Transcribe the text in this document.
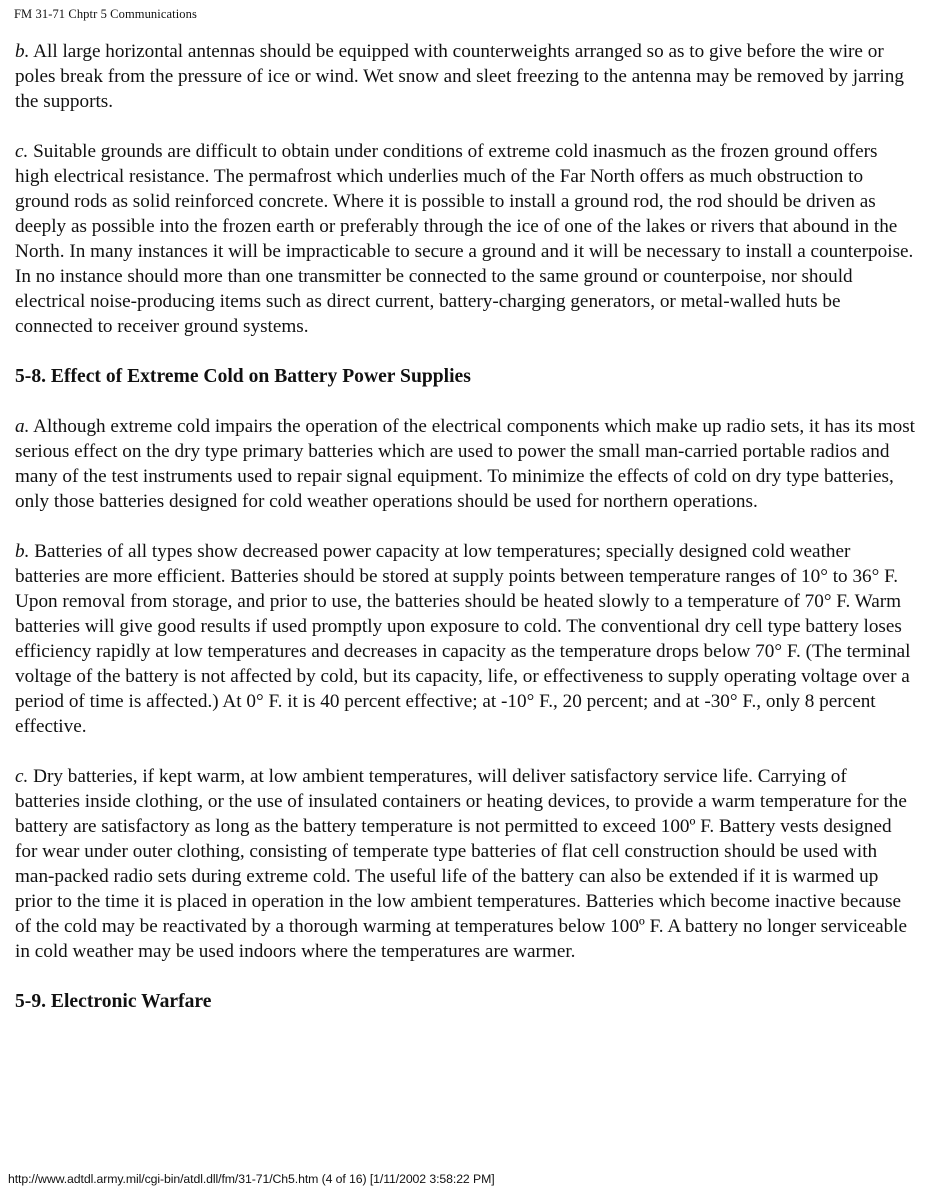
FM 31-71 Chptr 5 Communications

b. All large horizontal antennas should be equipped with counterweights arranged so as to give before the wire or poles break from the pressure of ice or wind. Wet snow and sleet freezing to the antenna may be removed by jarring the supports.

c. Suitable grounds are difficult to obtain under conditions of extreme cold inasmuch as the frozen ground offers high electrical resistance. The permafrost which underlies much of the Far North offers as much obstruction to ground rods as solid reinforced concrete. Where it is possible to install a ground rod, the rod should be driven as deeply as possible into the frozen earth or preferably through the ice of one of the lakes or rivers that abound in the North. In many instances it will be impracticable to secure a ground and it will be necessary to install a counterpoise. In no instance should more than one transmitter be connected to the same ground or counterpoise, nor should electrical noise-producing items such as direct current, battery-charging generators, or metal-walled huts be connected to receiver ground systems.

5-8. Effect of Extreme Cold on Battery Power Supplies

a. Although extreme cold impairs the operation of the electrical components which make up radio sets, it has its most serious effect on the dry type primary batteries which are used to power the small man-carried portable radios and many of the test instruments used to repair signal equipment. To minimize the effects of cold on dry type batteries, only those batteries designed for cold weather operations should be used for northern operations.

b. Batteries of all types show decreased power capacity at low temperatures; specially designed cold weather batteries are more efficient. Batteries should be stored at supply points between temperature ranges of 10° to 36° F. Upon removal from storage, and prior to use, the batteries should be heated slowly to a temperature of 70° F. Warm batteries will give good results if used promptly upon exposure to cold. The conventional dry cell type battery loses efficiency rapidly at low temperatures and decreases in capacity as the temperature drops below 70° F. (The terminal voltage of the battery is not affected by cold, but its capacity, life, or effectiveness to supply operating voltage over a period of time is affected.) At 0° F. it is 40 percent effective; at -10° F., 20 percent; and at -30° F., only 8 percent effective.

c. Dry batteries, if kept warm, at low ambient temperatures, will deliver satisfactory service life. Carrying of batteries inside clothing, or the use of insulated containers or heating devices, to provide a warm temperature for the battery are satisfactory as long as the battery temperature is not permitted to exceed 100º F. Battery vests designed for wear under outer clothing, consisting of temperate type batteries of flat cell construction should be used with man-packed radio sets during extreme cold. The useful life of the battery can also be extended if it is warmed up prior to the time it is placed in operation in the low ambient temperatures. Batteries which become inactive because of the cold may be reactivated by a thorough warming at temperatures below 100º F. A battery no longer serviceable in cold weather may be used indoors where the temperatures are warmer.

5-9. Electronic Warfare
http://www.adtdl.army.mil/cgi-bin/atdl.dll/fm/31-71/Ch5.htm (4 of 16) [1/11/2002 3:58:22 PM]
